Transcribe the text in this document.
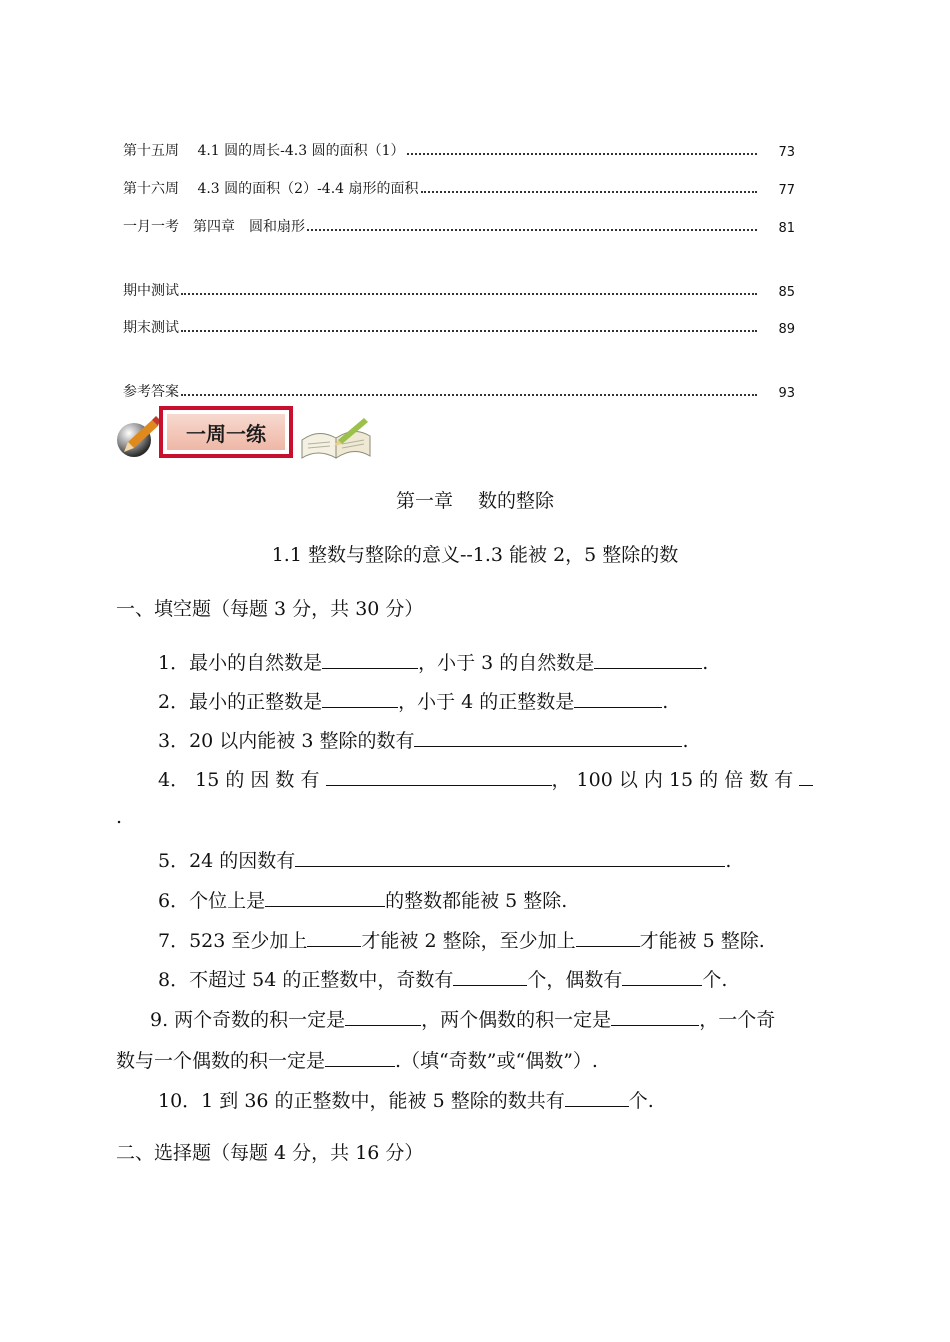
第十五周　 4.1 圆的周长-4.3 圆的面积（1）	73
第十六周　 4.3 圆的面积（2）-4.4 扇形的面积	77
一月一考　第四章　圆和扇形	81
期中测试	85
期末测试	89
参考答案	93
一周一练
第一章　 数的整除
1.1 整数与整除的意义--1.3 能被 2，5 整除的数
一、填空题（每题 3 分，共 30 分）
1．最小的自然数是	，小于 3 的自然数是	.
2．最小的正整数是	，小于 4 的正整数是	.
3．20 以内能被 3 整除的数有	.
4． 15 的 因 数 有	， 100 以 内 15 的 倍 数 有
.
5．24 的因数有	.
6．个位上是	的整数都能被 5 整除.
7．523 至少加上	才能被 2 整除，至少加上	才能被 5 整除.
8．不超过 54 的正整数中，奇数有	个，偶数有	个.
9. 两个奇数的积一定是	，两个偶数的积一定是	，一个奇
数与一个偶数的积一定是	.（填“奇数”或“偶数”）.
10．1 到 36 的正整数中，能被 5 整除的数共有	个.
二、选择题（每题 4 分，共 16 分）
